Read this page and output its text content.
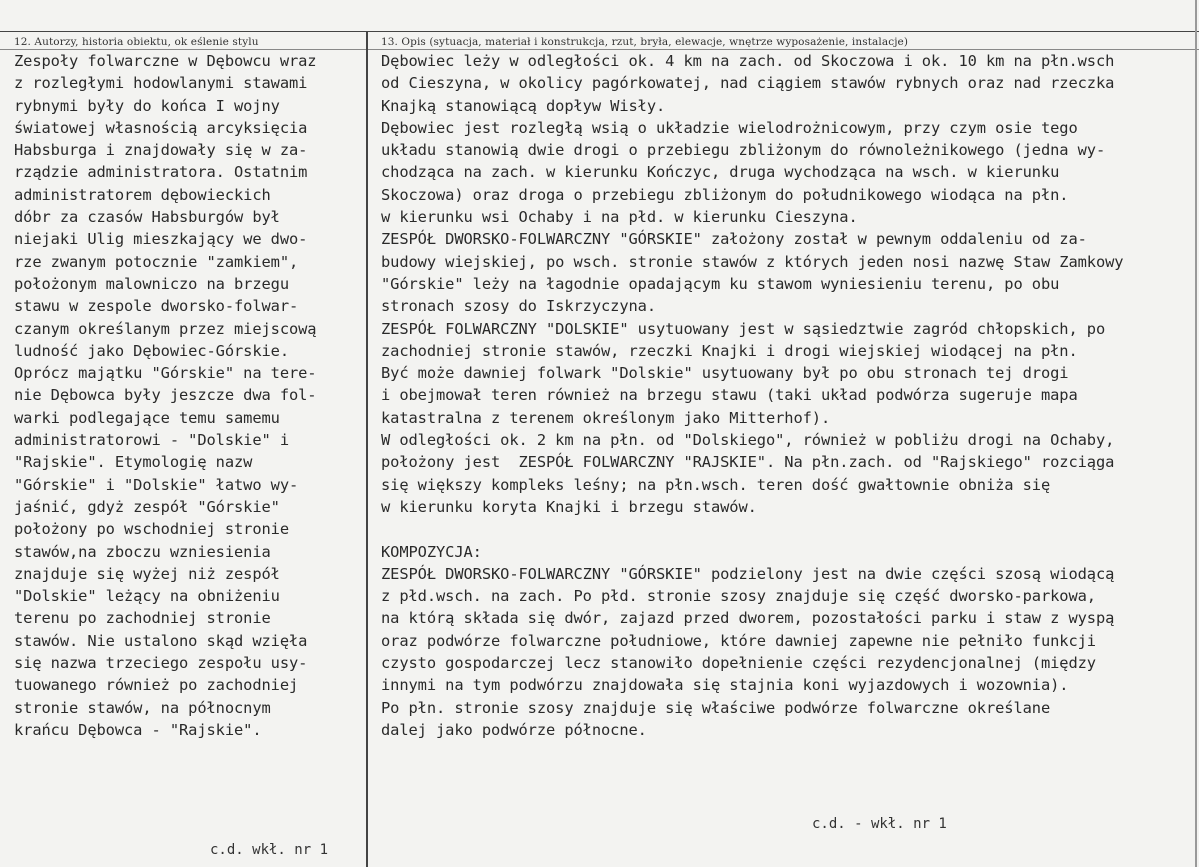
12. Autorzy, historia obiektu, ok eślenie stylu	13. Opis (sytuacja, materiał i konstrukcja, rzut, bryła, elewacje, wnętrze wyposażenie, instalacje)
Zespoły folwarczne w Dębowcu wraz
z rozległymi hodowlanymi stawami
rybnymi były do końca I wojny
światowej własnością arcyksięcia
Habsburga i znajdowały się w za-
rządzie administratora. Ostatnim
administratorem dębowieckich
dóbr za czasów Habsburgów był
niejaki Ulig mieszkający we dwo-
rze zwanym potocznie "zamkiem",
położonym malowniczo na brzegu
stawu w zespole dworsko-folwar-
czanym określanym przez miejscową
ludność jako Dębowiec-Górskie.
Oprócz majątku "Górskie" na tere-
nie Dębowca były jeszcze dwa fol-
warki podlegające temu samemu
administratorowi - "Dolskie" i
"Rajskie". Etymologię nazw
"Górskie" i "Dolskie" łatwo wy-
jaśnić, gdyż zespół "Górskie"
położony po wschodniej stronie
stawów,na zboczu wzniesienia
znajduje się wyżej niż zespół
"Dolskie" leżący na obniżeniu
terenu po zachodniej stronie
stawów. Nie ustalono skąd wzięła
się nazwa trzeciego zespołu usy-
tuowanego również po zachodniej
stronie stawów, na północnym
krańcu Dębowca - "Rajskie".
Dębowiec leży w odległości ok. 4 km na zach. od Skoczowa i ok. 10 km na płn.wsch
od Cieszyna, w okolicy pagórkowatej, nad ciągiem stawów rybnych oraz nad rzeczka
Knajką stanowiącą dopływ Wisły.
Dębowiec jest rozległą wsią o układzie wielodrożnicowym, przy czym osie tego
układu stanowią dwie drogi o przebiegu zbliżonym do równoleżnikowego (jedna wy-
chodząca na zach. w kierunku Kończyc, druga wychodząca na wsch. w kierunku
Skoczowa) oraz droga o przebiegu zbliżonym do południkowego wiodąca na płn.
w kierunku wsi Ochaby i na płd. w kierunku Cieszyna.
ZESPÓŁ DWORSKO-FOLWARCZNY "GÓRSKIE" założony został w pewnym oddaleniu od za-
budowy wiejskiej, po wsch. stronie stawów z których jeden nosi nazwę Staw Zamkowy
"Górskie" leży na łagodnie opadającym ku stawom wyniesieniu terenu, po obu
stronach szosy do Iskrzyczyna.
ZESPÓŁ FOLWARCZNY "DOLSKIE" usytuowany jest w sąsiedztwie zagród chłopskich, po
zachodniej stronie stawów, rzeczki Knajki i drogi wiejskiej wiodącej na płn.
Być może dawniej folwark "Dolskie" usytuowany był po obu stronach tej drogi
i obejmował teren również na brzegu stawu (taki układ podwórza sugeruje mapa
katastralna z terenem określonym jako Mitterhof).
W odległości ok. 2 km na płn. od "Dolskiego", również w pobliżu drogi na Ochaby,
położony jest  ZESPÓŁ FOLWARCZNY "RAJSKIE". Na płn.zach. od "Rajskiego" rozciąga
się większy kompleks leśny; na płn.wsch. teren dość gwałtownie obniża się
w kierunku koryta Knajki i brzegu stawów.

KOMPOZYCJA:
ZESPÓŁ DWORSKO-FOLWARCZNY "GÓRSKIE" podzielony jest na dwie części szosą wiodącą
z płd.wsch. na zach. Po płd. stronie szosy znajduje się część dworsko-parkowa,
na którą składa się dwór, zajazd przed dworem, pozostałości parku i staw z wyspą
oraz podwórze folwarczne południowe, które dawniej zapewne nie pełniło funkcji
czysto gospodarczej lecz stanowiło dopełnienie części rezydencjonalnej (między
innymi na tym podwórzu znajdowała się stajnia koni wyjazdowych i wozownia).
Po płn. stronie szosy znajduje się właściwe podwórze folwarczne określane
dalej jako podwórze północne.
c.d. wkł. nr 1
c.d. - wkł. nr 1
